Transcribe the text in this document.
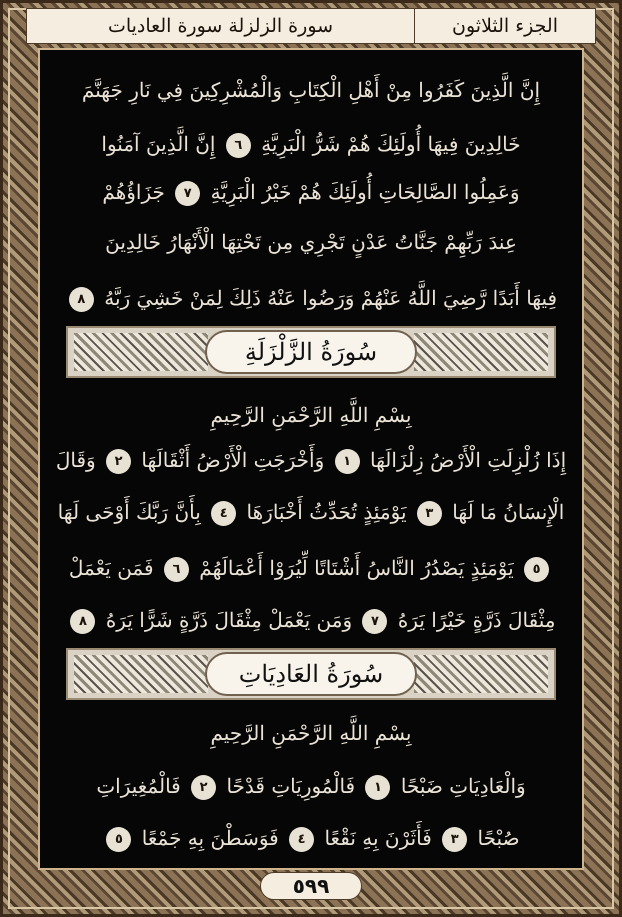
الجزء الثلاثون
سورة الزلزلة سورة العاديات
إِنَّ الَّذِينَ كَفَرُوا مِنْ أَهْلِ الْكِتَابِ وَالْمُشْرِكِينَ فِي نَارِ جَهَنَّمَ
خَالِدِينَ فِيهَا أُولَئِكَ هُمْ شَرُّ الْبَرِيَّةِ ٦ إِنَّ الَّذِينَ آمَنُوا
وَعَمِلُوا الصَّالِحَاتِ أُولَئِكَ هُمْ خَيْرُ الْبَرِيَّةِ ٧ جَزَاؤُهُمْ
عِندَ رَبِّهِمْ جَنَّاتُ عَدْنٍ تَجْرِي مِن تَحْتِهَا الْأَنْهَارُ خَالِدِينَ
فِيهَا أَبَدًا رَّضِيَ اللَّهُ عَنْهُمْ وَرَضُوا عَنْهُ ذَلِكَ لِمَنْ خَشِيَ رَبَّهُ ٨
سُورَةُ الزَّلْزَلَةِ
بِسْمِ اللَّهِ الرَّحْمَنِ الرَّحِيمِ
إِذَا زُلْزِلَتِ الْأَرْضُ زِلْزَالَهَا ١ وَأَخْرَجَتِ الْأَرْضُ أَثْقَالَهَا ٢ وَقَالَ
الْإِنسَانُ مَا لَهَا ٣ يَوْمَئِذٍ تُحَدِّثُ أَخْبَارَهَا ٤ بِأَنَّ رَبَّكَ أَوْحَى لَهَا
٥ يَوْمَئِذٍ يَصْدُرُ النَّاسُ أَشْتَاتًا لِّيُرَوْا أَعْمَالَهُمْ ٦ فَمَن يَعْمَلْ
مِثْقَالَ ذَرَّةٍ خَيْرًا يَرَهُ ٧ وَمَن يَعْمَلْ مِثْقَالَ ذَرَّةٍ شَرًّا يَرَهُ ٨
سُورَةُ العَادِيَاتِ
بِسْمِ اللَّهِ الرَّحْمَنِ الرَّحِيمِ
وَالْعَادِيَاتِ ضَبْحًا ١ فَالْمُورِيَاتِ قَدْحًا ٢ فَالْمُغِيرَاتِ
صُبْحًا ٣ فَأَثَرْنَ بِهِ نَقْعًا ٤ فَوَسَطْنَ بِهِ جَمْعًا ٥
٥٩٩
